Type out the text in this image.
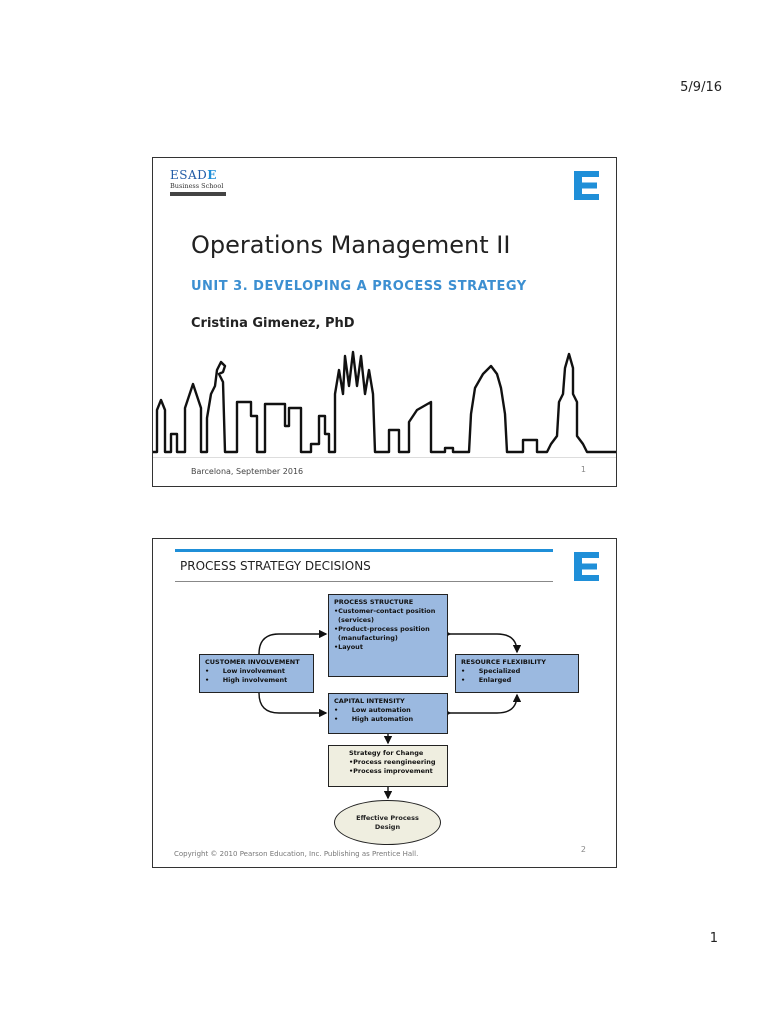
5/9/16
ESADE
Business School
Operations Management II
UNIT 3. DEVELOPING A PROCESS STRATEGY
Cristina Gimenez, PhD
Barcelona, September 2016	1
PROCESS STRATEGY DECISIONS
PROCESS STRUCTURE
•Customer-contact position
(services)
•Product-process position
(manufacturing)
•Layout
CUSTOMER INVOLVEMENT
•      Low involvement
•      High involvement
RESOURCE FLEXIBILITY
•      Specialized
•      Enlarged
CAPITAL INTENSITY
•      Low automation
•      High automation
Strategy for Change
•Process reengineering
•Process improvement
Effective Process Design
Copyright © 2010 Pearson Education, Inc. Publishing as Prentice Hall.	2
1
